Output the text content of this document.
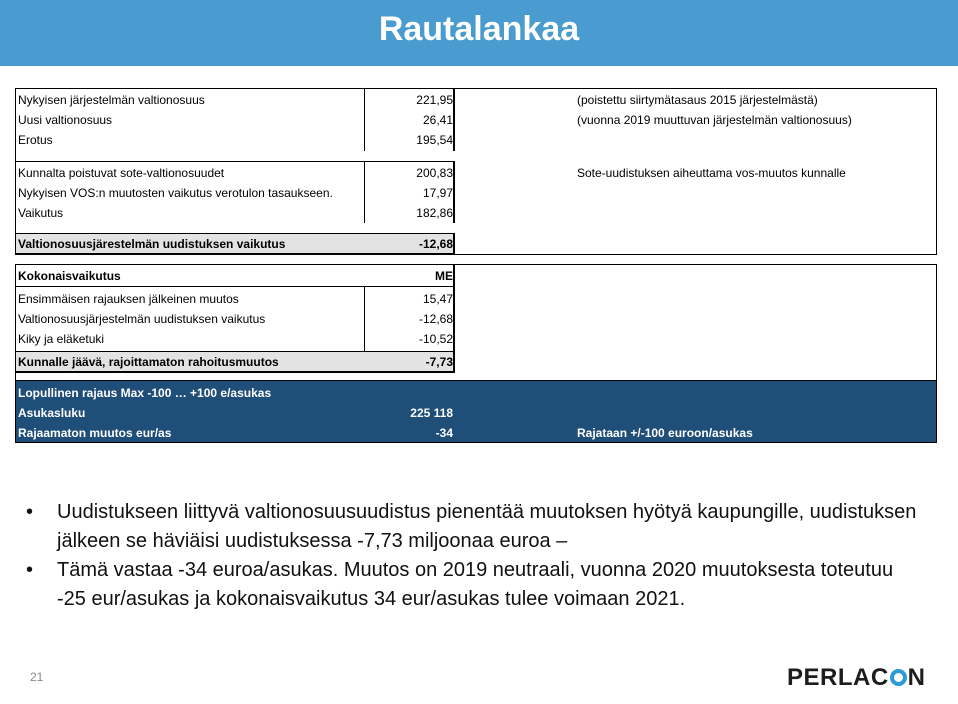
Rautalankaa
Nykyisen järjestelmän valtionosuus	221,95	(poistettu siirtymätasaus 2015 järjestelmästä)
Uusi valtionosuus	26,41	(vuonna 2019 muuttuvan järjestelmän valtionosuus)
Erotus	195,54
Kunnalta poistuvat sote-valtionosuudet	200,83	Sote-uudistuksen aiheuttama vos-muutos kunnalle
Nykyisen VOS:n muutosten vaikutus verotulon tasaukseen.	17,97
Vaikutus	182,86
Valtionosuusjärestelmän uudistuksen vaikutus	-12,68
Kokonaisvaikutus	ME
Ensimmäisen rajauksen jälkeinen muutos	15,47
Valtionosuusjärjestelmän uudistuksen vaikutus	-12,68
Kiky ja eläketuki	-10,52
Kunnalle jäävä, rajoittamaton rahoitusmuutos	-7,73
Lopullinen rajaus Max -100 … +100 e/asukas
Asukasluku	225 118
Rajaamaton muutos eur/as	-34	Rajataan +/-100 euroon/asukas
• Uudistukseen liittyvä valtionosuusuudistus pienentää muutoksen hyötyä kaupungille, uudistuksen jälkeen se häviäisi uudistuksessa -7,73 miljoonaa euroa –
• Tämä vastaa -34 euroa/asukas. Muutos on 2019 neutraali, vuonna 2020 muutoksesta toteutuu -25 eur/asukas ja kokonaisvaikutus 34 eur/asukas tulee voimaan 2021.
21	PERLAC N
